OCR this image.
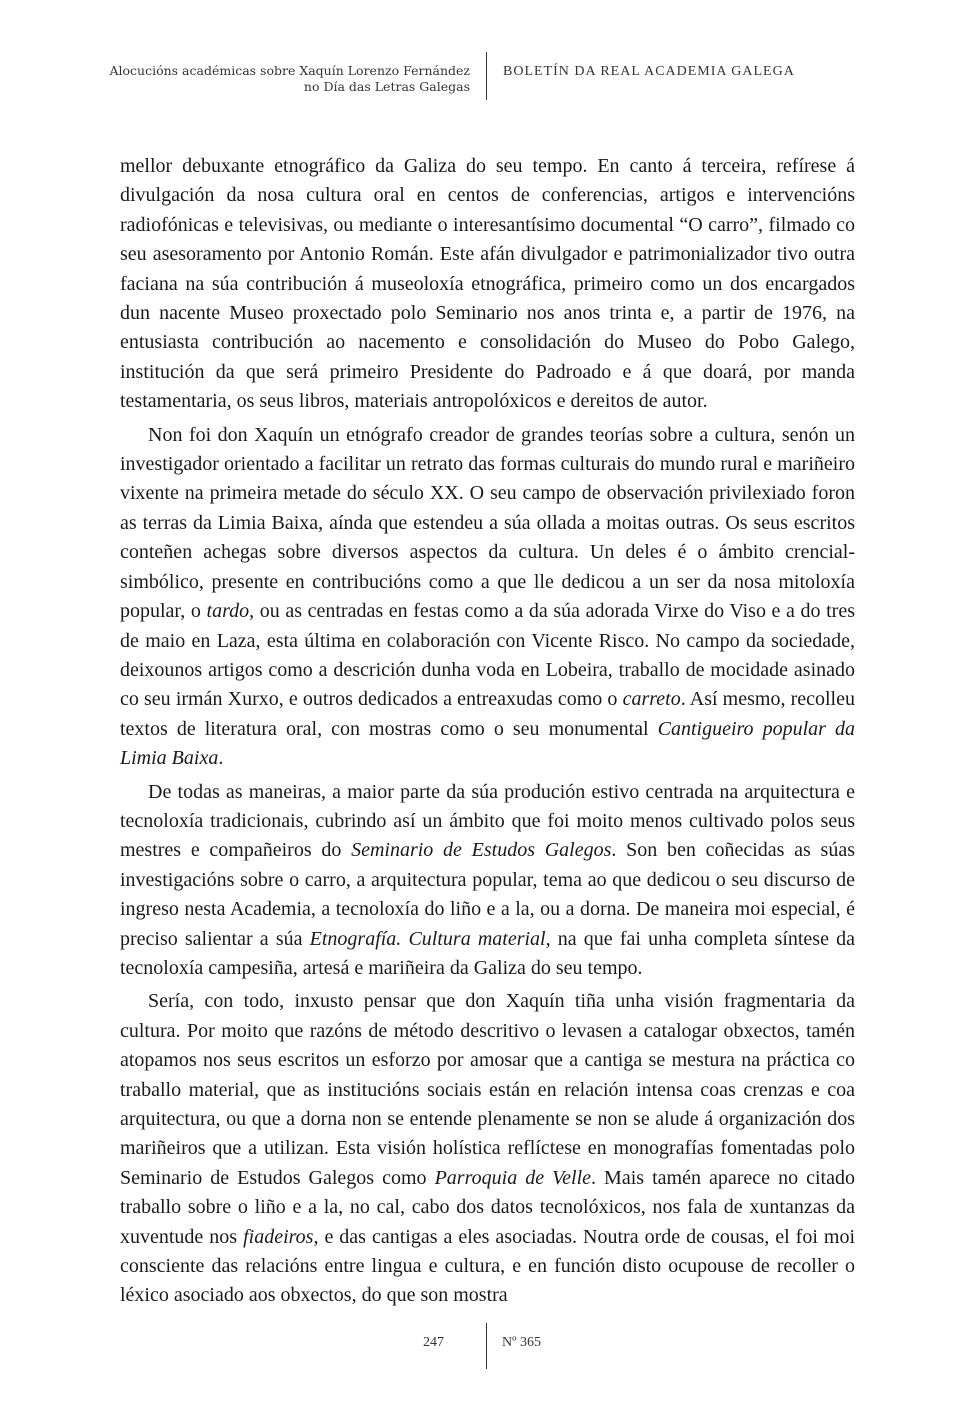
Alocucións académicas sobre Xaquín Lorenzo Fernández
no Día das Letras Galegas
BOLETÍN DA REAL ACADEMIA GALEGA

mellor debuxante etnográfico da Galiza do seu tempo. En canto á terceira, refírese á divulgación da nosa cultura oral en centos de conferencias, artigos e intervencións radiofónicas e televisivas, ou mediante o interesantísimo documental “O carro”, filmado co seu asesoramento por Antonio Román. Este afán divulgador e patrimonializador tivo outra faciana na súa contribución á museoloxía etnográfica, primeiro como un dos encargados dun nacente Museo proxectado polo Seminario nos anos trinta e, a partir de 1976, na entusiasta contribución ao nacemento e consolidación do Museo do Pobo Galego, institución da que será primeiro Presidente do Padroado e á que doará, por manda testamentaria, os seus libros, materiais antropolóxicos e dereitos de autor.

Non foi don Xaquín un etnógrafo creador de grandes teorías sobre a cultura, senón un investigador orientado a facilitar un retrato das formas culturais do mundo rural e mariñeiro vixente na primeira metade do século XX. O seu campo de observación privilexiado foron as terras da Limia Baixa, aínda que estendeu a súa ollada a moitas outras. Os seus escritos conteñen achegas sobre diversos aspectos da cultura. Un deles é o ámbito crencial-simbólico, presente en contribucións como a que lle dedicou a un ser da nosa mitoloxía popular, o tardo, ou as centradas en festas como a da súa adorada Virxe do Viso e a do tres de maio en Laza, esta última en colaboración con Vicente Risco. No campo da sociedade, deixounos artigos como a descrición dunha voda en Lobeira, traballo de mocidade asinado co seu irmán Xurxo, e outros dedicados a entreaxudas como o carreto. Así mesmo, recolleu textos de literatura oral, con mostras como o seu monumental Cantigueiro popular da Limia Baixa.

De todas as maneiras, a maior parte da súa produción estivo centrada na arquitectura e tecnoloxía tradicionais, cubrindo así un ámbito que foi moito menos cultivado polos seus mestres e compañeiros do Seminario de Estudos Galegos. Son ben coñecidas as súas investigacións sobre o carro, a arquitectura popular, tema ao que dedicou o seu discurso de ingreso nesta Academia, a tecnoloxía do liño e a la, ou a dorna. De maneira moi especial, é preciso salientar a súa Etnografía. Cultura material, na que fai unha completa síntese da tecnoloxía campesiña, artesá e mariñeira da Galiza do seu tempo.

Sería, con todo, inxusto pensar que don Xaquín tiña unha visión fragmentaria da cultura. Por moito que razóns de método descritivo o levasen a catalogar obxectos, tamén atopamos nos seus escritos un esforzo por amosar que a cantiga se mestura na práctica co traballo material, que as institucións sociais están en relación intensa coas crenzas e coa arquitectura, ou que a dorna non se entende plenamente se non se alude á organización dos mariñeiros que a utilizan. Esta visión holística reflíctese en monografías fomentadas polo Seminario de Estudos Galegos como Parroquia de Velle. Mais tamén aparece no citado traballo sobre o liño e a la, no cal, cabo dos datos tecnolóxicos, nos fala de xuntanzas da xuventude nos fiadeiros, e das cantigas a eles asociadas. Noutra orde de cousas, el foi moi consciente das relacións entre lingua e cultura, e en función disto ocupouse de recoller o léxico asociado aos obxectos, do que son mostra

247	Nº 365
